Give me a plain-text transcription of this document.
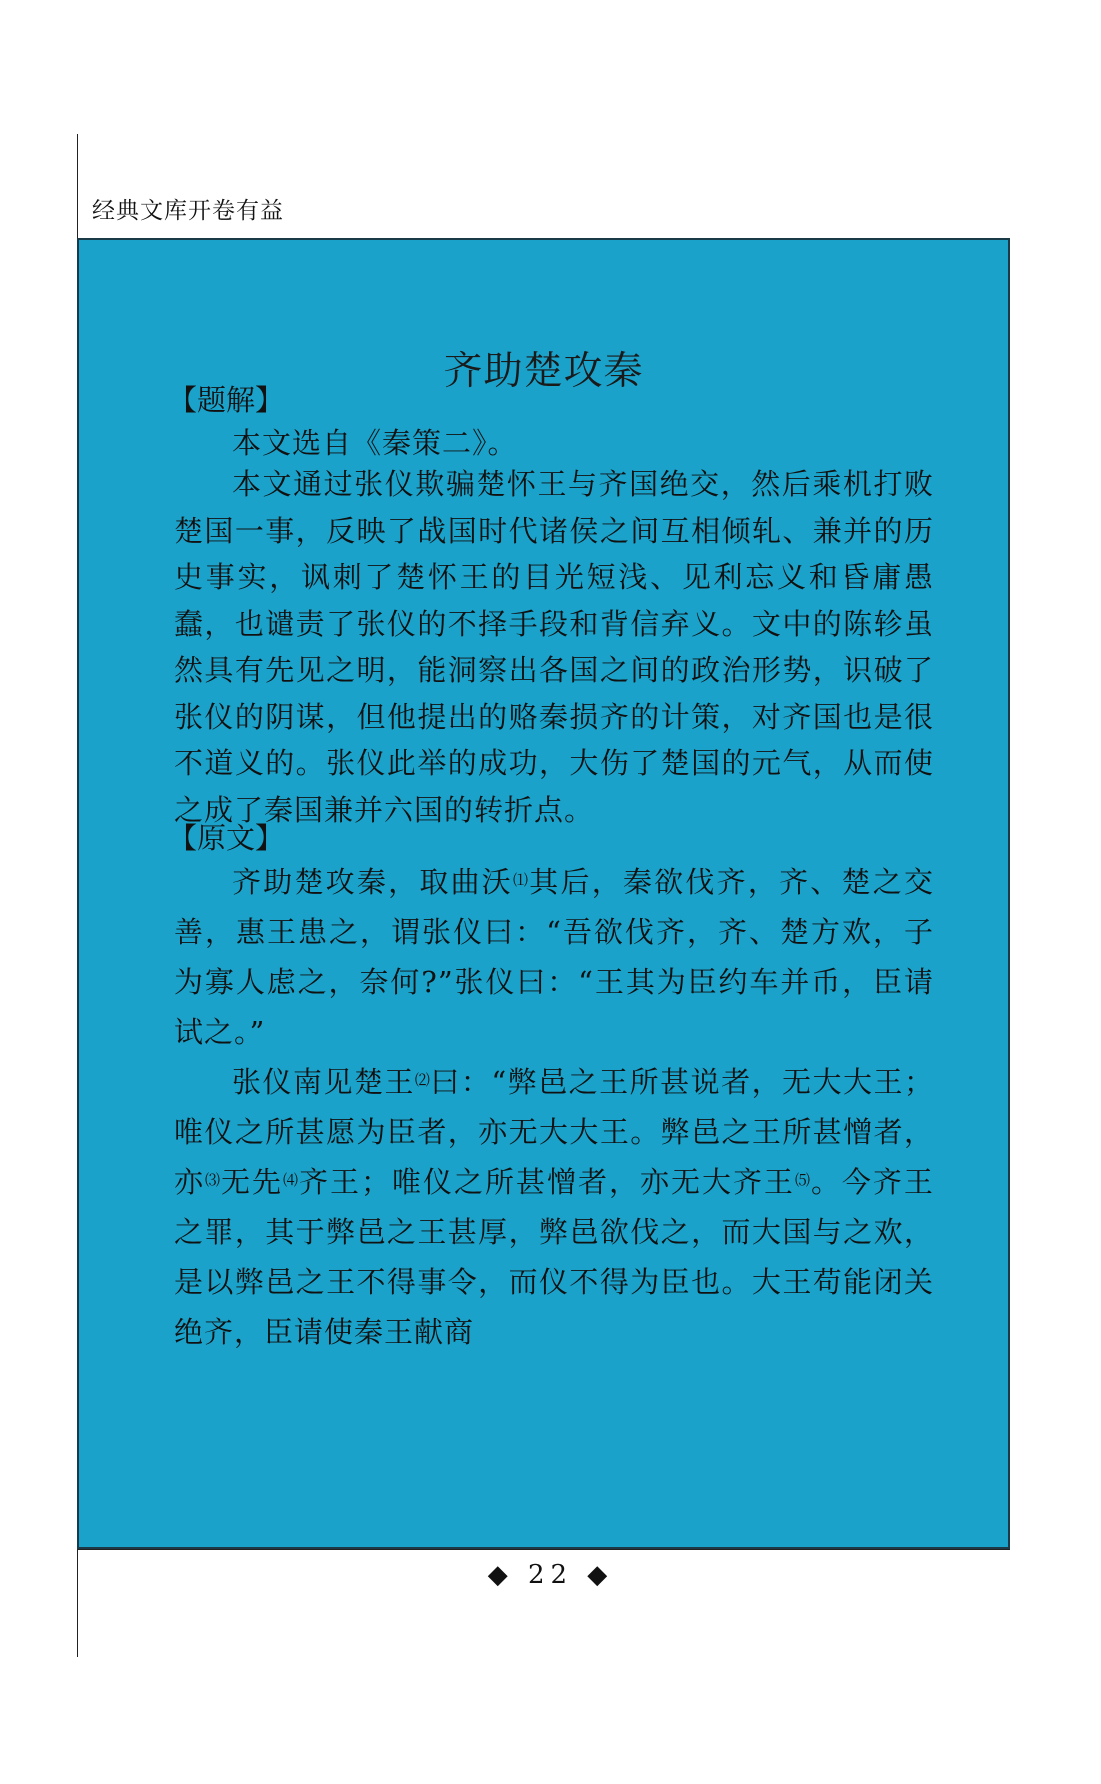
经典文库开卷有益
齐助楚攻秦
【题解】
本文选自《秦策二》。
本文通过张仪欺骗楚怀王与齐国绝交，然后乘机打败楚国一事，反映了战国时代诸侯之间互相倾轧、兼并的历史事实，讽刺了楚怀王的目光短浅、见利忘义和昏庸愚蠢，也谴责了张仪的不择手段和背信弃义。文中的陈轸虽然具有先见之明，能洞察出各国之间的政治形势，识破了张仪的阴谋，但他提出的赂秦损齐的计策，对齐国也是很不道义的。张仪此举的成功，大伤了楚国的元气，从而使之成了秦国兼并六国的转折点。
【原文】
齐助楚攻秦，取曲沃⑴其后，秦欲伐齐，齐、楚之交善，惠王患之，谓张仪曰：“吾欲伐齐，齐、楚方欢，子为寡人虑之，奈何?”张仪曰：“王其为臣约车并币，臣请试之。”
张仪南见楚王⑵曰：“弊邑之王所甚说者，无大大王；唯仪之所甚愿为臣者，亦无大大王。弊邑之王所甚憎者，亦⑶无先⑷齐王；唯仪之所甚憎者，亦无大齐王⑸。今齐王之罪，其于弊邑之王甚厚，弊邑欲伐之，而大国与之欢，是以弊邑之王不得事令，而仪不得为臣也。大王苟能闭关绝齐，臣请使秦王献商
◆ 22 ◆
